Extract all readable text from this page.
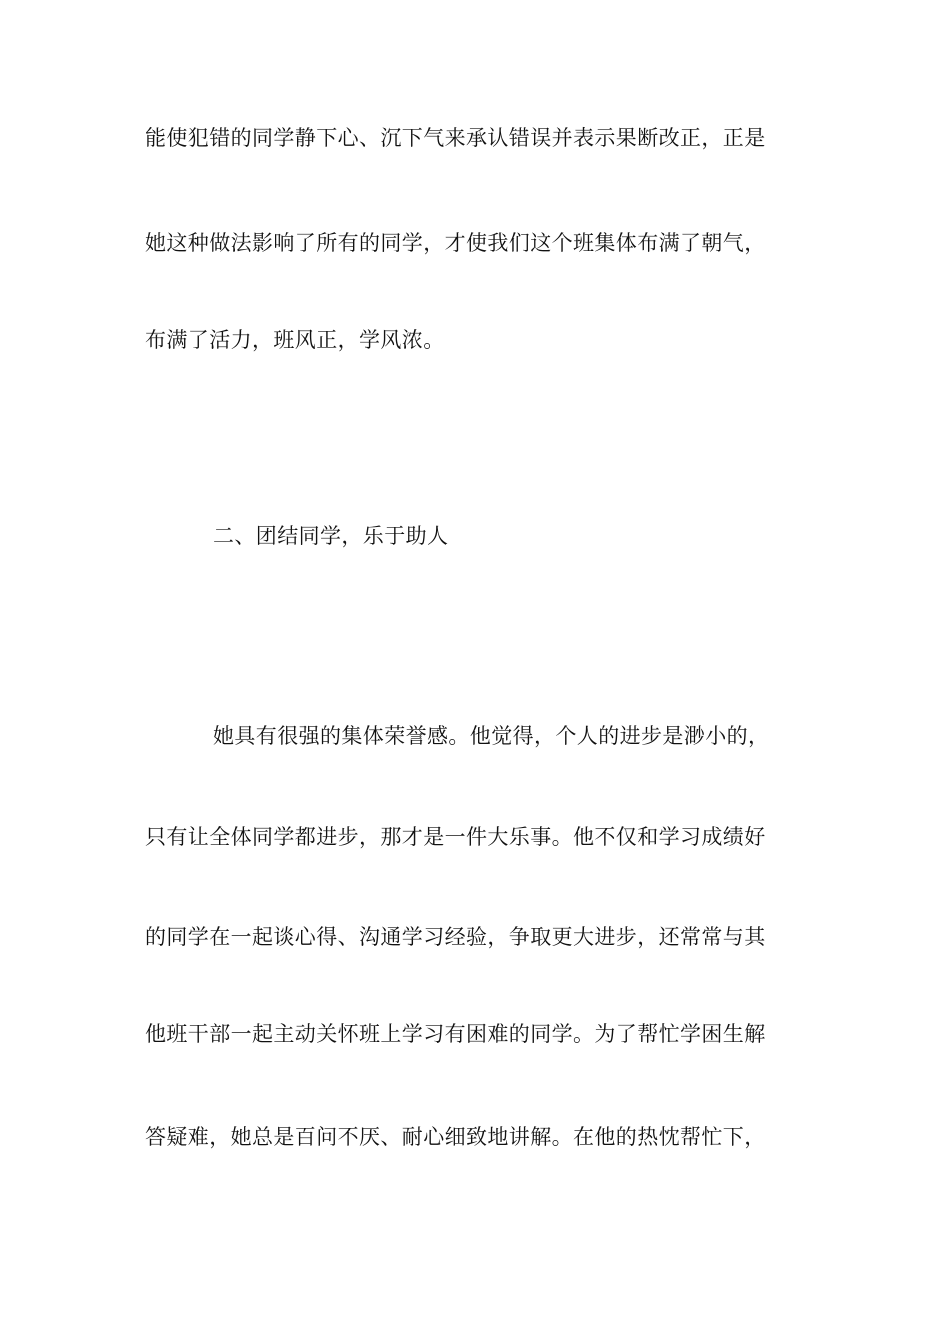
能使犯错的同学静下心、沉下气来承认错误并表示果断改正，正是
她这种做法影响了所有的同学，才使我们这个班集体布满了朝气，
布满了活力，班风正，学风浓。
二、团结同学，乐于助人
她具有很强的集体荣誉感。他觉得，个人的进步是渺小的，
只有让全体同学都进步，那才是一件大乐事。他不仅和学习成绩好
的同学在一起谈心得、沟通学习经验，争取更大进步，还常常与其
他班干部一起主动关怀班上学习有困难的同学。为了帮忙学困生解
答疑难，她总是百问不厌、耐心细致地讲解。在他的热忱帮忙下，
